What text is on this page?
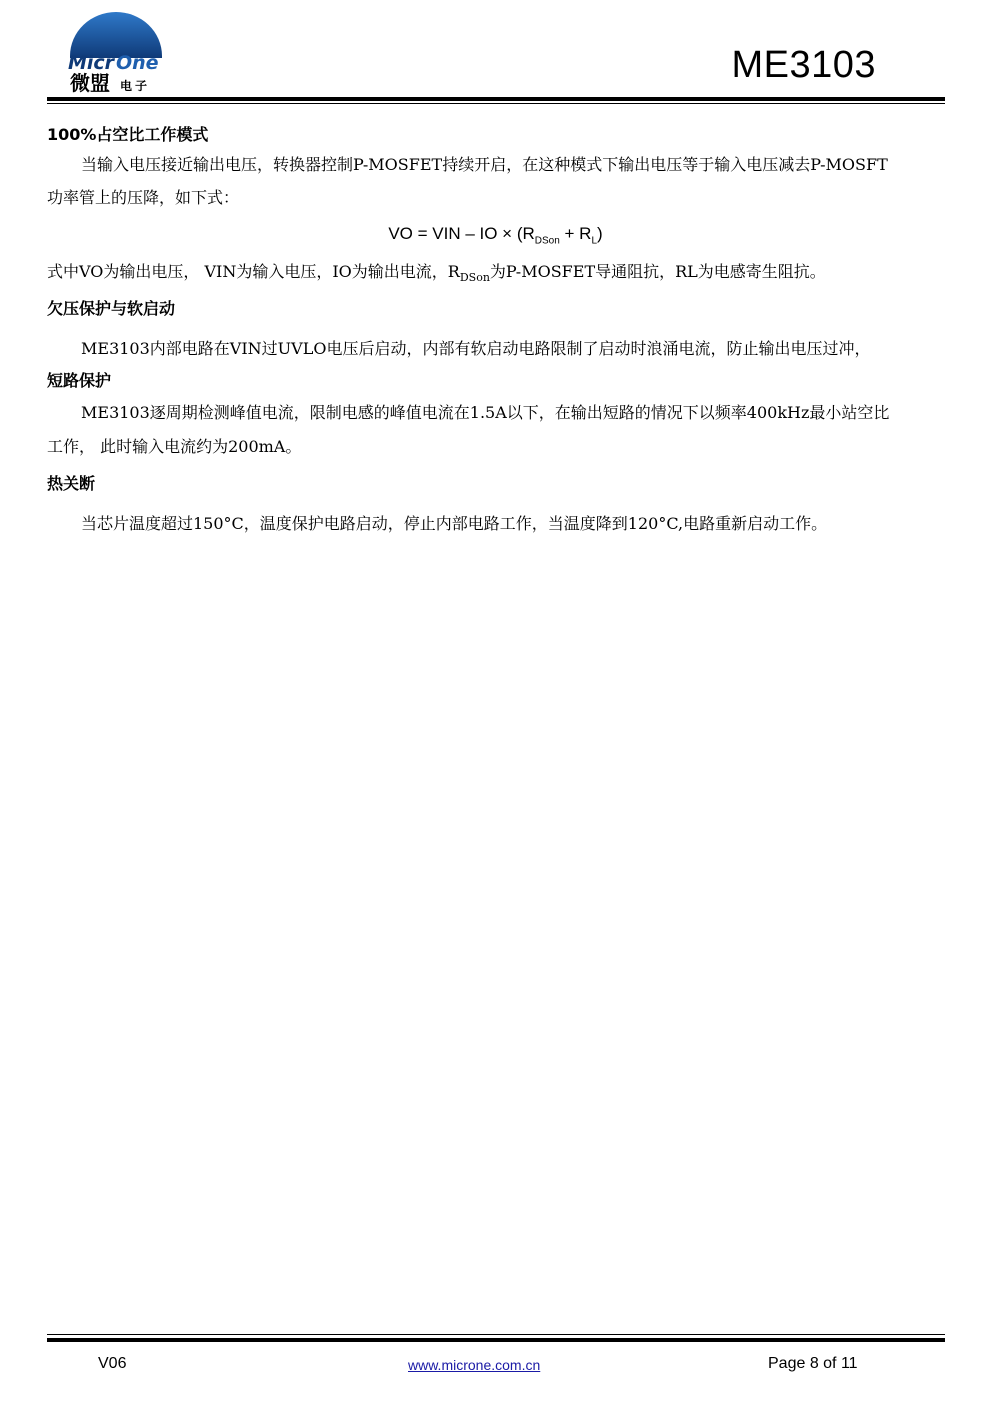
Micr One
微盟 电子	ME3103
100%占空比工作模式
当输入电压接近输出电压，转换器控制P-MOSFET持续开启，在这种模式下输出电压等于输入电压减去P-MOSFT
功率管上的压降，如下式：
VO = VIN – IO × $(R_{DSon} + R_L)$
式中VO为输出电压， VIN为输入电压，IO为输出电流，$R_{DSon}$为P-MOSFET导通阻抗，RL为电感寄生阻抗。
欠压保护与软启动
ME3103内部电路在VIN过UVLO电压后启动，内部有软启动电路限制了启动时浪涌电流，防止输出电压过冲，
短路保护
ME3103逐周期检测峰值电流，限制电感的峰值电流在1.5A以下，在输出短路的情况下以频率400kHz最小站空比
工作， 此时输入电流约为200mA。
热关断
当芯片温度超过150°C，温度保护电路启动，停止内部电路工作，当温度降到120°C,电路重新启动工作。
V06	www.microne.com.cn	Page 8 of 11
